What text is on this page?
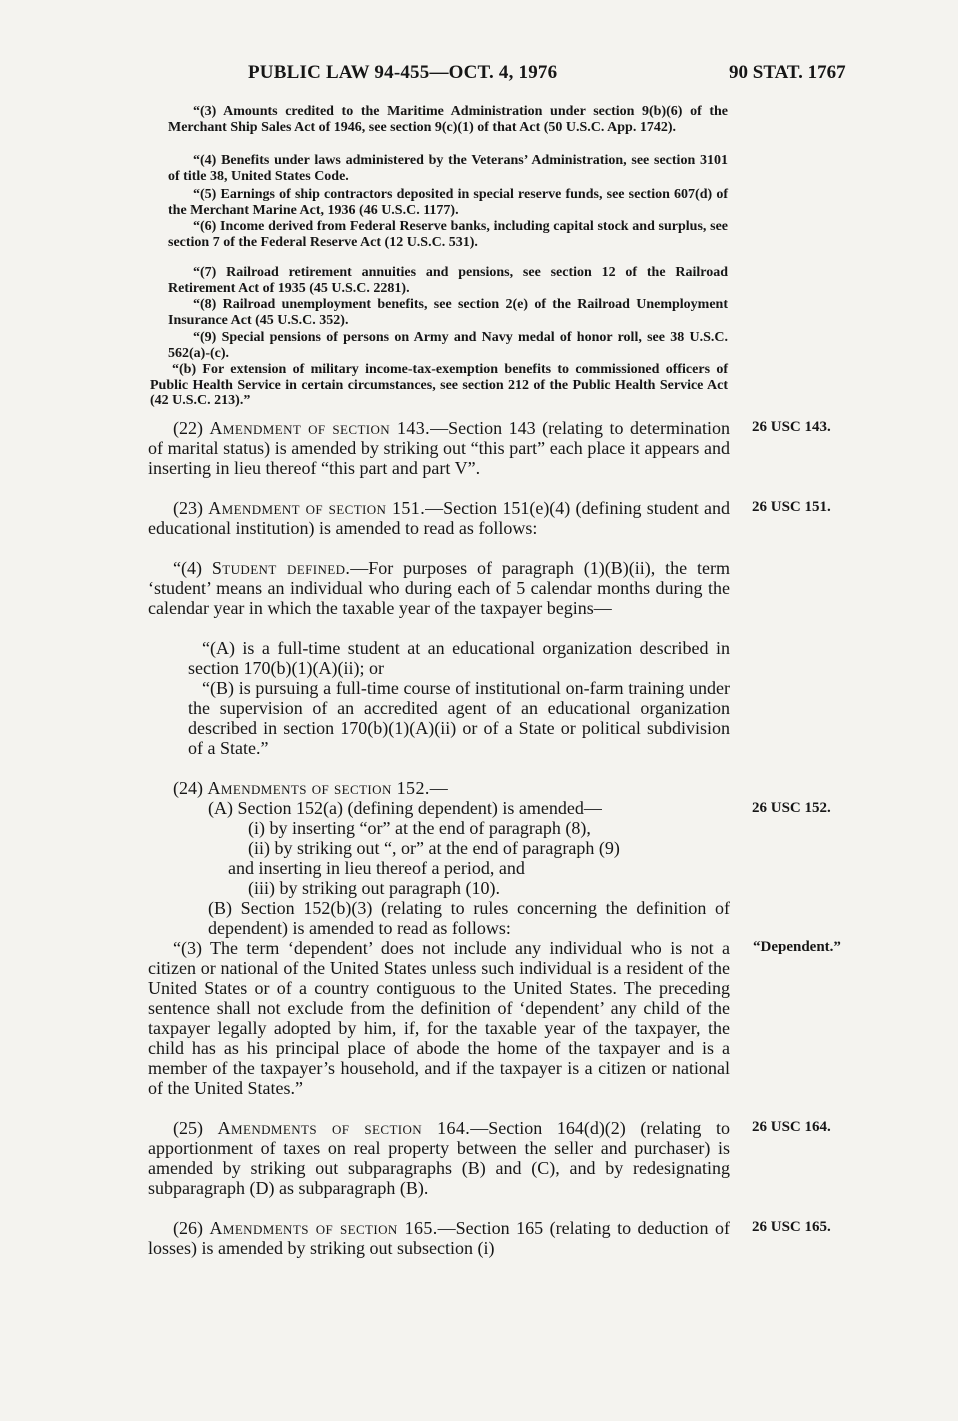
PUBLIC LAW 94-455—OCT. 4, 1976	90 STAT. 1767

“(3) Amounts credited to the Maritime Administration under section 9(b)(6) of the Merchant Ship Sales Act of 1946, see section 9(c)(1) of that Act (50 U.S.C. App. 1742).

“(4) Benefits under laws administered by the Veterans’ Administration, see section 3101 of title 38, United States Code.

“(5) Earnings of ship contractors deposited in special reserve funds, see section 607(d) of the Merchant Marine Act, 1936 (46 U.S.C. 1177).

“(6) Income derived from Federal Reserve banks, including capital stock and surplus, see section 7 of the Federal Reserve Act (12 U.S.C. 531).

“(7) Railroad retirement annuities and pensions, see section 12 of the Railroad Retirement Act of 1935 (45 U.S.C. 2281).

“(8) Railroad unemployment benefits, see section 2(e) of the Railroad Unemployment Insurance Act (45 U.S.C. 352).

“(9) Special pensions of persons on Army and Navy medal of honor roll, see 38 U.S.C. 562(a)-(c).

“(b) For extension of military income-tax-exemption benefits to commissioned officers of Public Health Service in certain circumstances, see section 212 of the Public Health Service Act (42 U.S.C. 213).”

(22) Amendment of section 143.—Section 143 (relating to determination of marital status) is amended by striking out “this part” each place it appears and inserting in lieu thereof “this part and part V”.

(23) Amendment of section 151.—Section 151(e)(4) (defining student and educational institution) is amended to read as follows:

“(4) Student defined.—For purposes of paragraph (1)(B)(ii), the term ‘student’ means an individual who during each of 5 calendar months during the calendar year in which the taxable year of the taxpayer begins—

“(A) is a full-time student at an educational organization described in section 170(b)(1)(A)(ii); or

“(B) is pursuing a full-time course of institutional on-farm training under the supervision of an accredited agent of an educational organization described in section 170(b)(1)(A)(ii) or of a State or political subdivision of a State.”

(24) Amendments of section 152.—

(A) Section 152(a) (defining dependent) is amended—

(i) by inserting “or” at the end of paragraph (8),

(ii) by striking out “, or” at the end of paragraph (9)

and inserting in lieu thereof a period, and

(iii) by striking out paragraph (10).

(B) Section 152(b)(3) (relating to rules concerning the definition of dependent) is amended to read as follows:

“(3) The term ‘dependent’ does not include any individual who is not a citizen or national of the United States unless such individual is a resident of the United States or of a country contiguous to the United States. The preceding sentence shall not exclude from the definition of ‘dependent’ any child of the taxpayer legally adopted by him, if, for the taxable year of the taxpayer, the child has as his principal place of abode the home of the taxpayer and is a member of the taxpayer’s household, and if the taxpayer is a citizen or national of the United States.”

(25) Amendments of section 164.—Section 164(d)(2) (relating to apportionment of taxes on real property between the seller and purchaser) is amended by striking out subparagraphs (B) and (C), and by redesignating subparagraph (D) as subparagraph (B).

(26) Amendments of section 165.—Section 165 (relating to deduction of losses) is amended by striking out subsection (i)

26 USC 143.
26 USC 151.
26 USC 152.
“Dependent.”
26 USC 164.
26 USC 165.
